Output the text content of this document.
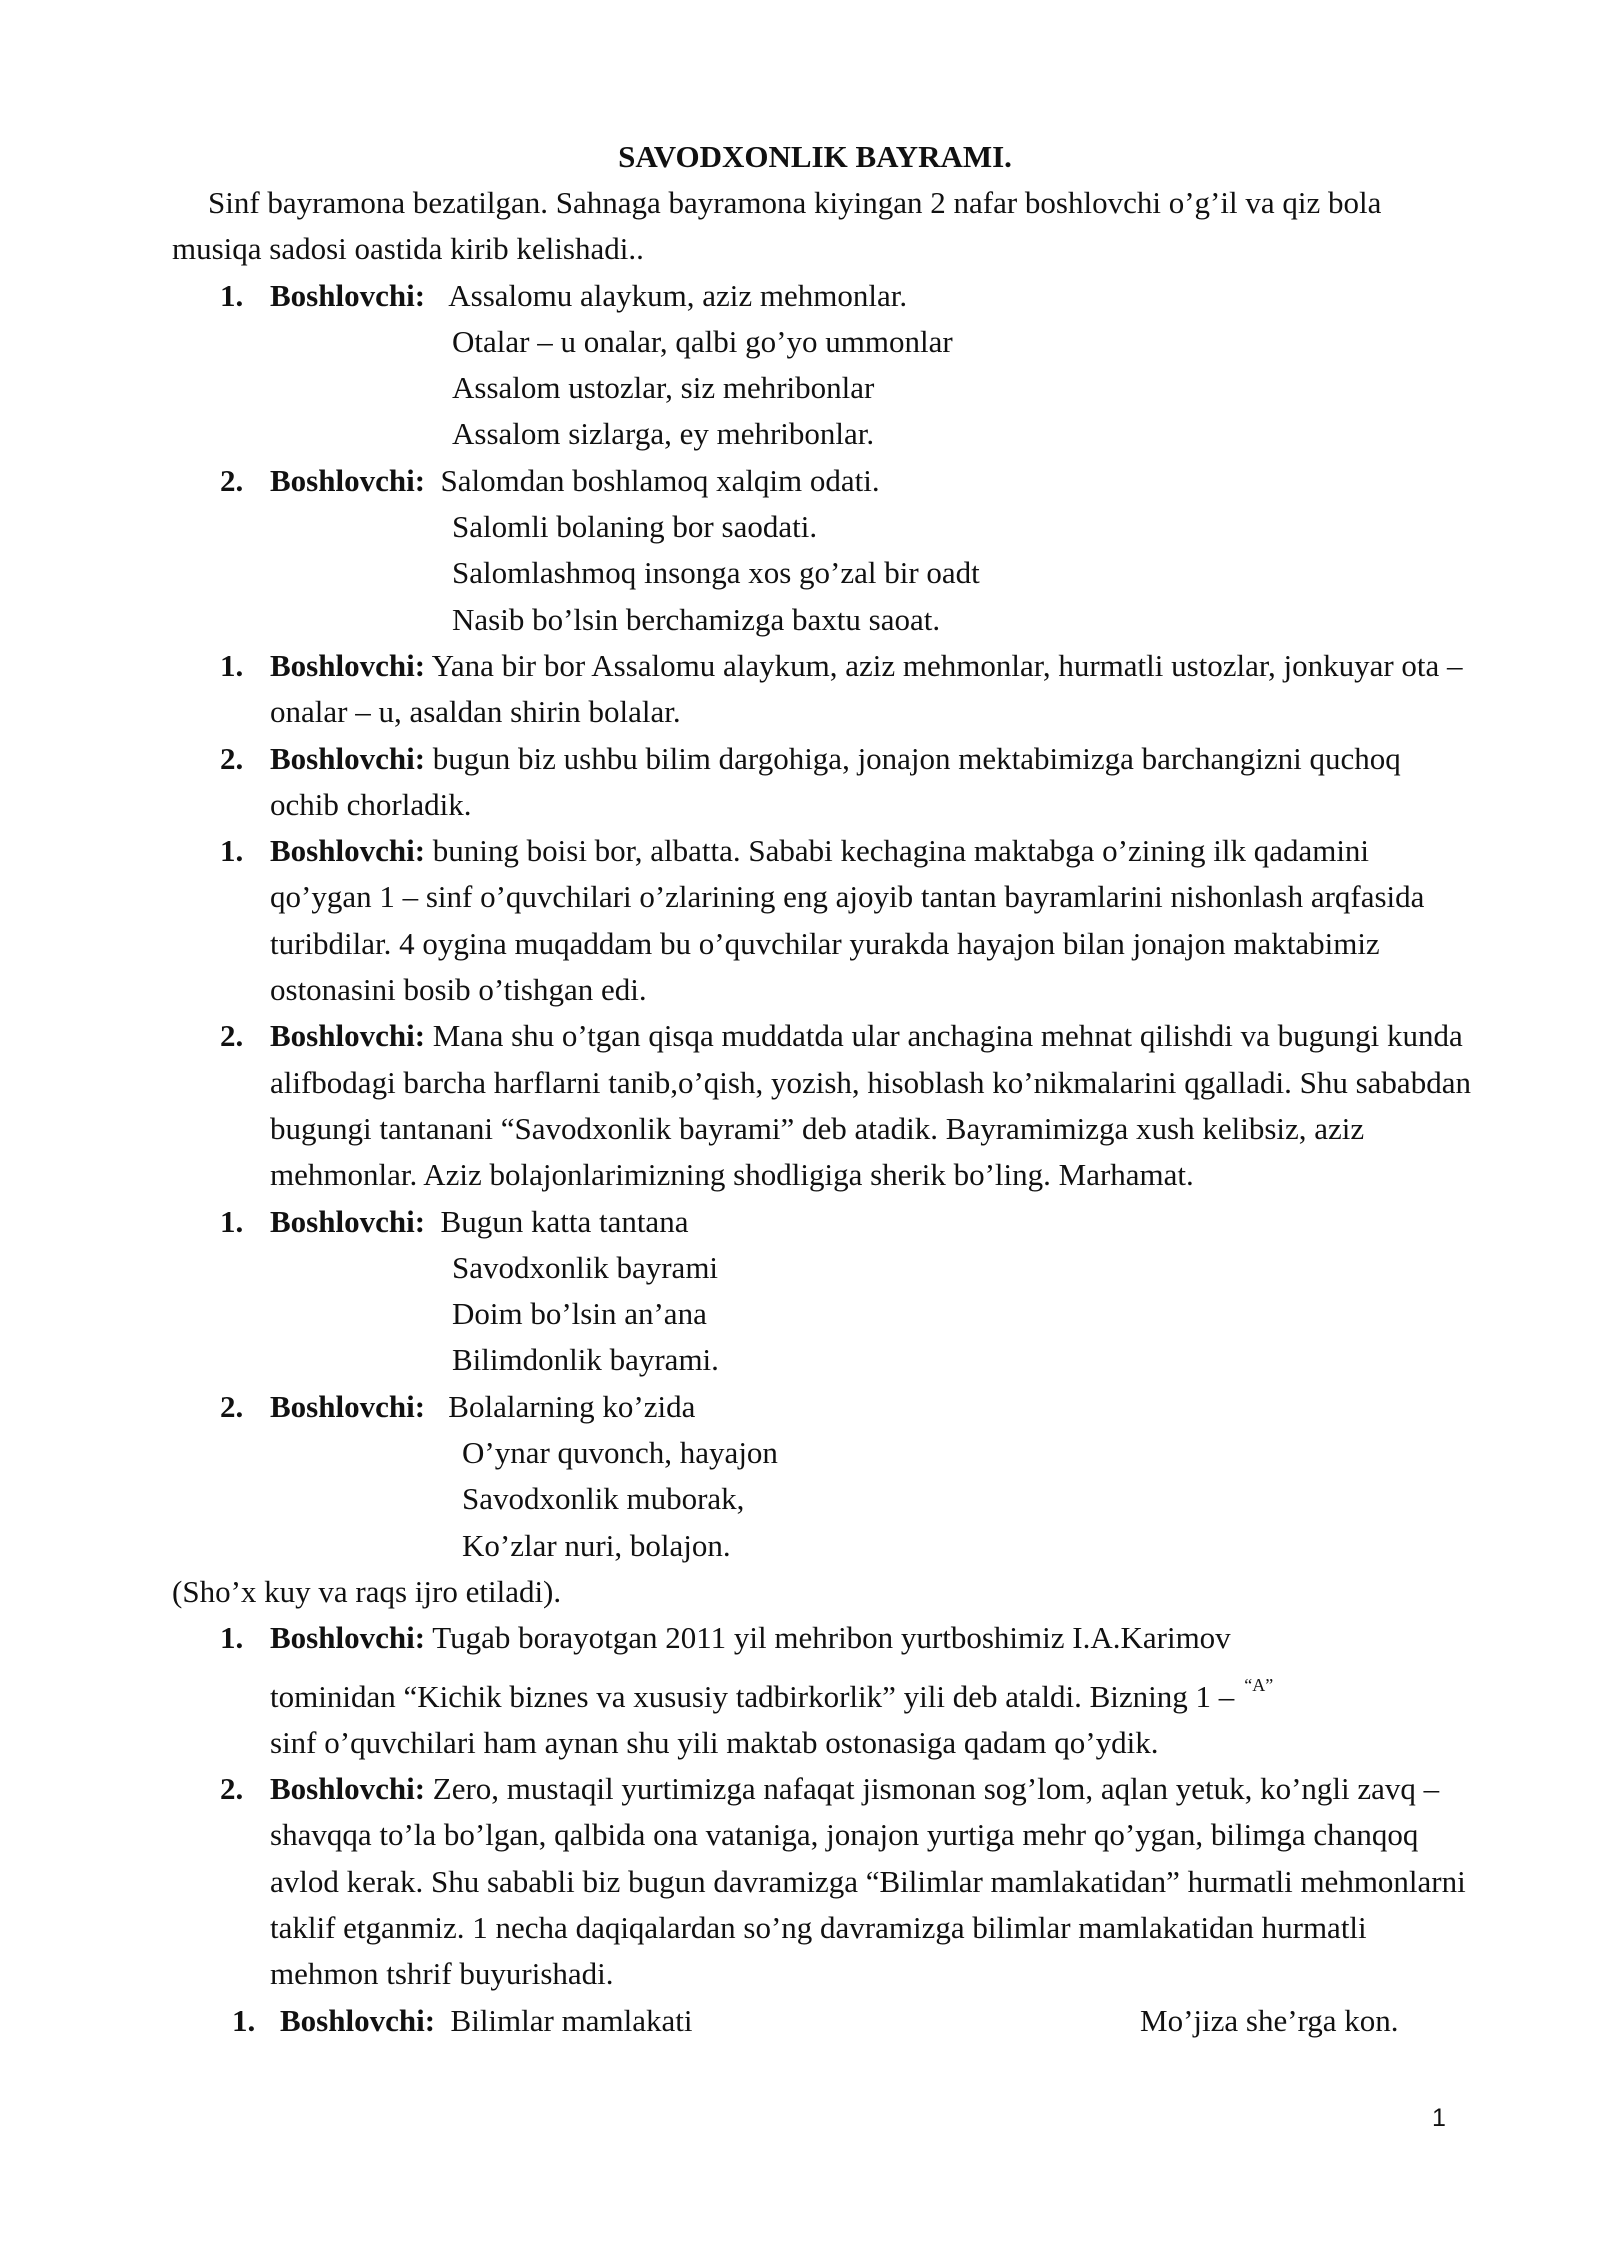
SAVODXONLIK BAYRAMI.

Sinf bayramona bezatilgan. Sahnaga bayramona kiyingan 2 nafar boshlovchi o’g’il va qiz bola musiqa sadosi oastida kirib kelishadi..

1. Boshlovchi: Assalomu alaykum, aziz mehmonlar.

Otalar – u onalar, qalbi go’yo ummonlar

Assalom ustozlar, siz mehribonlar

Assalom sizlarga, ey mehribonlar.

2. Boshlovchi: Salomdan boshlamoq xalqim odati.

Salomli bolaning bor saodati.

Salomlashmoq insonga xos go’zal bir oadt

Nasib bo’lsin berchamizga baxtu saoat.

1. Boshlovchi: Yana bir bor Assalomu alaykum, aziz mehmonlar, hurmatli ustozlar, jonkuyar ota – onalar – u, asaldan shirin bolalar.
2. Boshlovchi: bugun biz ushbu bilim dargohiga, jonajon mektabimizga barchangizni quchoq ochib chorladik.
1. Boshlovchi: buning boisi bor, albatta. Sababi kechagina maktabga o’zining ilk qadamini qo’ygan 1 – sinf o’quvchilari o’zlarining eng ajoyib tantan bayramlarini nishonlash arqfasida turibdilar. 4 oygina muqaddam bu o’quvchilar yurakda hayajon bilan jonajon maktabimiz ostonasini bosib o’tishgan edi.
2. Boshlovchi: Mana shu o’tgan qisqa muddatda ular anchagina mehnat qilishdi va bugungi kunda alifbodagi barcha harflarni tanib,o’qish, yozish, hisoblash ko’nikmalarini qgalladi. Shu sababdan bugungi tantanani “Savodxonlik bayrami” deb atadik. Bayramimizga xush kelibsiz, aziz mehmonlar. Aziz bolajonlarimizning shodligiga sherik bo’ling. Marhamat.
1. Boshlovchi: Bugun katta tantana

Savodxonlik bayrami

Doim bo’lsin an’ana

Bilimdonlik bayrami.

2. Boshlovchi: Bolalarning ko’zida

O’ynar quvonch, hayajon

Savodxonlik muborak,

Ko’zlar nuri, bolajon.

(Sho’x kuy va raqs ijro etiladi).

1. Boshlovchi: Tugab borayotgan 2011 yil mehribon yurtboshimiz I.A.Karimov
tominidan “Kichik biznes va xususiy tadbirkorlik” yili deb ataldi. Bizning 1 – $^{“A”}$
sinf o’quvchilari ham aynan shu yili maktab ostonasiga qadam qo’ydik.
2. Boshlovchi: Zero, mustaqil yurtimizga nafaqat jismonan sog’lom, aqlan yetuk, ko’ngli zavq – shavqqa to’la bo’lgan, qalbida ona vataniga, jonajon yurtiga mehr qo’ygan, bilimga chanqoq avlod kerak. Shu sababli biz bugun davramizga “Bilimlar mamlakatidan” hurmatli mehmonlarni taklif etganmiz. 1 necha daqiqalardan so’ng davramizga bilimlar mamlakatidan hurmatli mehmon tshrif buyurishadi.
1. Boshlovchi: Bilimlar mamlakati	Mo’jiza she’rga kon.
1
